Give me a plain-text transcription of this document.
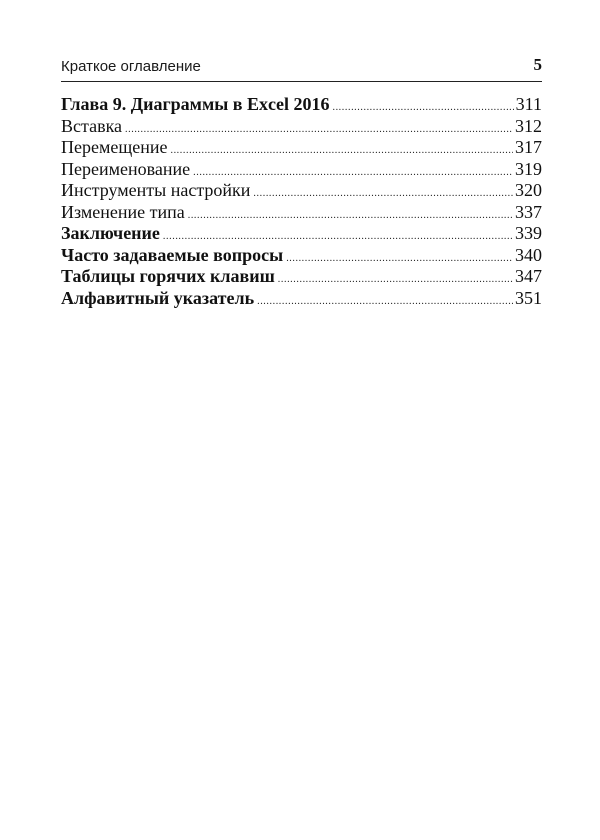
Краткое оглавление	5
Глава 9. Диаграммы в Excel 2016 .....	311
Вставка .....	312
Перемещение .....	317
Переименование .....	319
Инструменты настройки .....	320
Изменение типа .....	337
Заключение .....	339
Часто задаваемые вопросы .....	340
Таблицы горячих клавиш .....	347
Алфавитный указатель .....	351
